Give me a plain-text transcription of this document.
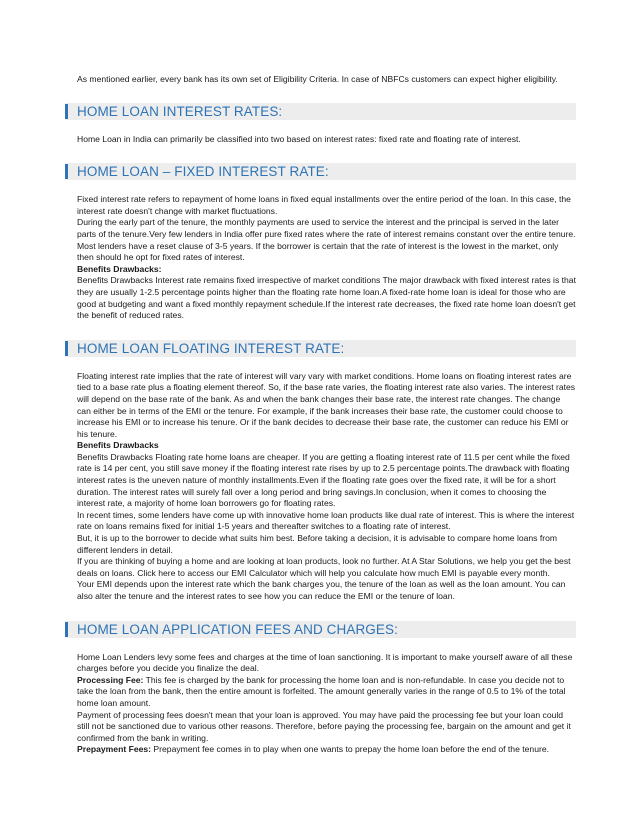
As mentioned earlier, every bank has its own set of Eligibility Criteria. In case of NBFCs customers can expect higher eligibility.

HOME LOAN INTEREST RATES:

Home Loan in India can primarily be classified into two based on interest rates: fixed rate and floating rate of interest.

HOME LOAN – FIXED INTEREST RATE:

Fixed interest rate refers to repayment of home loans in fixed equal installments over the entire period of the loan. In this case, the interest rate doesn't change with market fluctuations.

During the early part of the tenure, the monthly payments are used to service the interest and the principal is served in the later parts of the tenure.Very few lenders in India offer pure fixed rates where the rate of interest remains constant over the entire tenure. Most lenders have a reset clause of 3-5 years. If the borrower is certain that the rate of interest is the lowest in the market, only then should he opt for fixed rates of interest.

Benefits Drawbacks:

Benefits Drawbacks Interest rate remains fixed irrespective of market conditions The major drawback with fixed interest rates is that they are usually 1-2.5 percentage points higher than the floating rate home loan.A fixed-rate home loan is ideal for those who are good at budgeting and want a fixed monthly repayment schedule.If the interest rate decreases, the fixed rate home loan doesn't get the benefit of reduced rates.

HOME LOAN FLOATING INTEREST RATE:

Floating interest rate implies that the rate of interest will vary vary with market conditions. Home loans on floating interest rates are tied to a base rate plus a floating element thereof. So, if the base rate varies, the floating interest rate also varies. The interest rates will depend on the base rate of the bank. As and when the bank changes their base rate, the interest rate changes. The change can either be in terms of the EMI or the tenure. For example, if the bank increases their base rate, the customer could choose to increase his EMI or to increase his tenure. Or if the bank decides to decrease their base rate, the customer can reduce his EMI or his tenure.

Benefits Drawbacks

Benefits Drawbacks Floating rate home loans are cheaper. If you are getting a floating interest rate of 11.5 per cent while the fixed rate is 14 per cent, you still save money if the floating interest rate rises by up to 2.5 percentage points.The drawback with floating interest rates is the uneven nature of monthly installments.Even if the floating rate goes over the fixed rate, it will be for a short duration. The interest rates will surely fall over a long period and bring savings.In conclusion, when it comes to choosing the interest rate, a majority of home loan borrowers go for floating rates.

In recent times, some lenders have come up with innovative home loan products like dual rate of interest. This is where the interest rate on loans remains fixed for initial 1-5 years and thereafter switches to a floating rate of interest.

But, it is up to the borrower to decide what suits him best. Before taking a decision, it is advisable to compare home loans from different lenders in detail.

If you are thinking of buying a home and are looking at loan products, look no further. At A Star Solutions, we help you get the best deals on loans. Click here to access our EMI Calculator which will help you calculate how much EMI is payable every month.

Your EMI depends upon the interest rate which the bank charges you, the tenure of the loan as well as the loan amount. You can also alter the tenure and the interest rates to see how you can reduce the EMI or the tenure of loan.

HOME LOAN APPLICATION FEES AND CHARGES:

Home Loan Lenders levy some fees and charges at the time of loan sanctioning. It is important to make yourself aware of all these charges before you decide you finalize the deal.

Processing Fee: This fee is charged by the bank for processing the home loan and is non-refundable. In case you decide not to take the loan from the bank, then the entire amount is forfeited. The amount generally varies in the range of 0.5 to 1% of the total home loan amount.

Payment of processing fees doesn't mean that your loan is approved. You may have paid the processing fee but your loan could still not be sanctioned due to various other reasons. Therefore, before paying the processing fee, bargain on the amount and get it confirmed from the bank in writing.

Prepayment Fees: Prepayment fee comes in to play when one wants to prepay the home loan before the end of the tenure.
